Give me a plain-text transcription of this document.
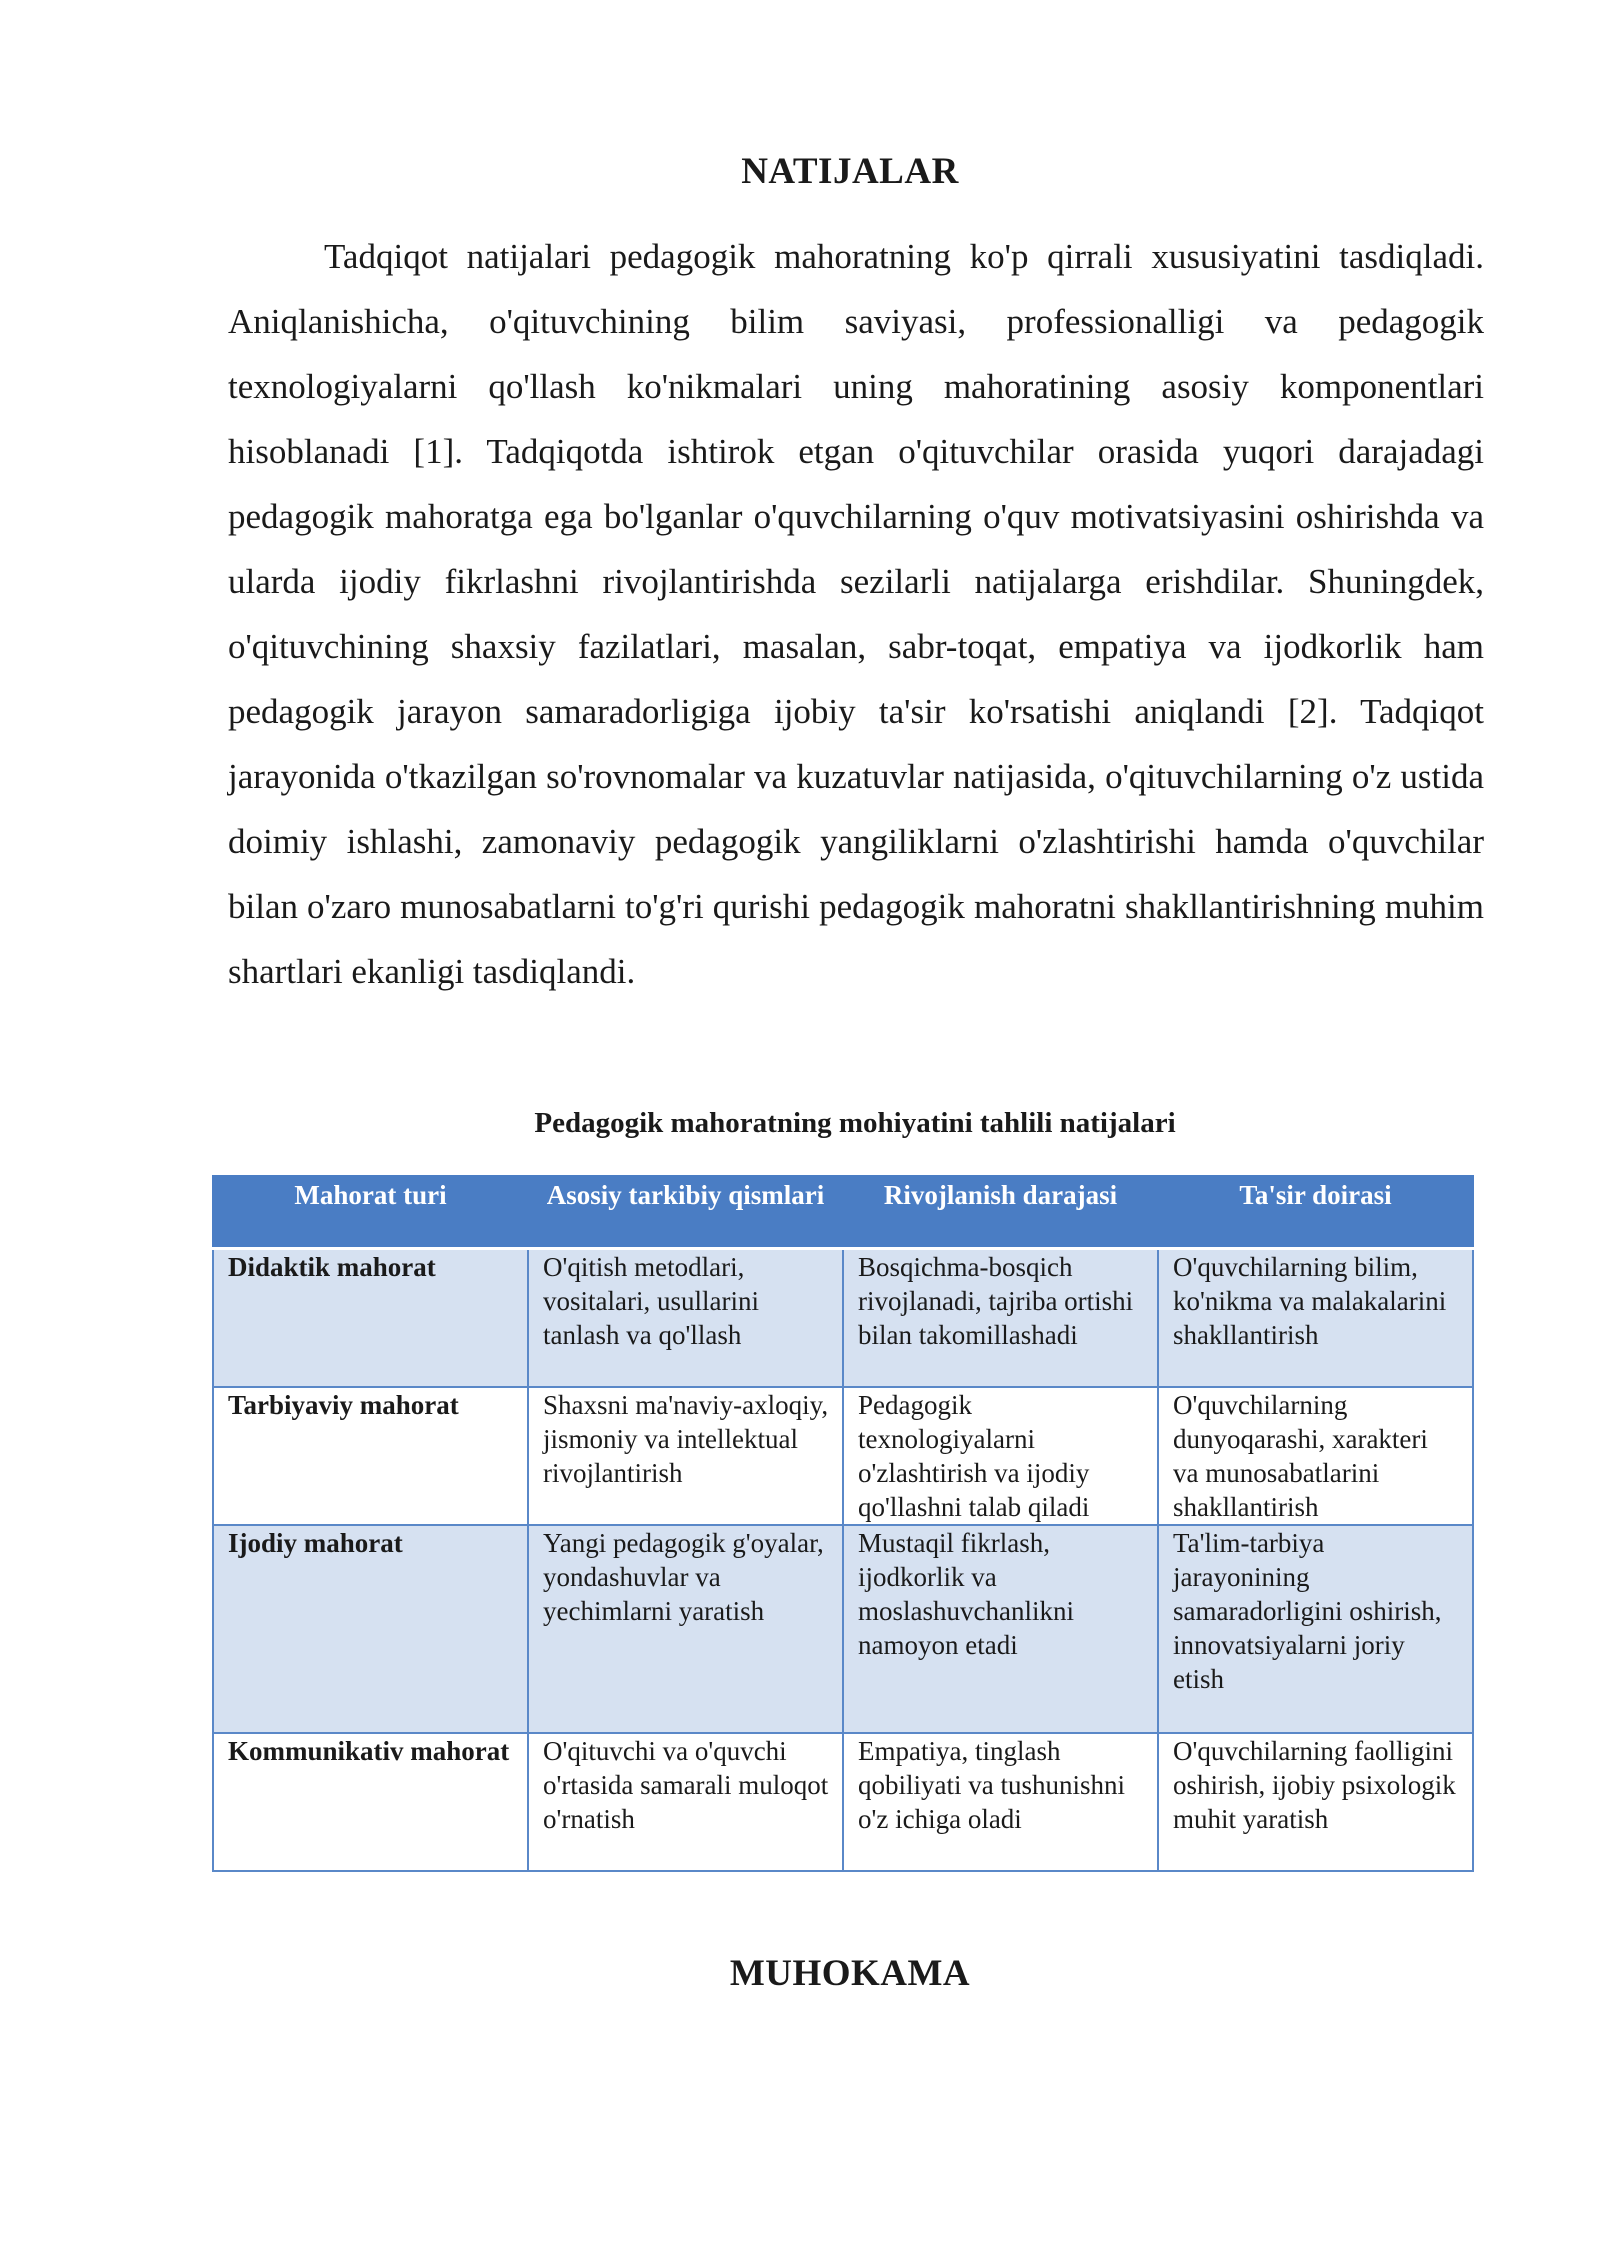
NATIJALAR

Tadqiqot natijalari pedagogik mahoratning ko'p qirrali xususiyatini tasdiqladi. Aniqlanishicha, o'qituvchining bilim saviyasi, professionalligi va pedagogik texnologiyalarni qo'llash ko'nikmalari uning mahoratining asosiy komponentlari hisoblanadi [1]. Tadqiqotda ishtirok etgan o'qituvchilar orasida yuqori darajadagi pedagogik mahoratga ega bo'lganlar o'quvchilarning o'quv motivatsiyasini oshirishda va ularda ijodiy fikrlashni rivojlantirishda sezilarli natijalarga erishdilar. Shuningdek, o'qituvchining shaxsiy fazilatlari, masalan, sabr-toqat, empatiya va ijodkorlik ham pedagogik jarayon samaradorligiga ijobiy ta'sir ko'rsatishi aniqlandi [2]. Tadqiqot jarayonida o'tkazilgan so'rovnomalar va kuzatuvlar natijasida, o'qituvchilarning o'z ustida doimiy ishlashi, zamonaviy pedagogik yangiliklarni o'zlashtirishi hamda o'quvchilar bilan o'zaro munosabatlarni to'g'ri qurishi pedagogik mahoratni shakllantirishning muhim shartlari ekanligi tasdiqlandi.

Pedagogik mahoratning mohiyatini tahlili natijalari
Mahorat turi	Asosiy tarkibiy qismlari	Rivojlanish darajasi	Ta'sir doirasi
Didaktik mahorat	O'qitish metodlari, vositalari, usullarini tanlash va qo'llash	Bosqichma-bosqich rivojlanadi, tajriba ortishi bilan takomillashadi	O'quvchilarning bilim, ko'nikma va malakalarini shakllantirish
Tarbiyaviy mahorat	Shaxsni ma'naviy-axloqiy, jismoniy va intellektual rivojlantirish	Pedagogik texnologiyalarni o'zlashtirish va ijodiy qo'llashni talab qiladi	O'quvchilarning dunyoqarashi, xarakteri va munosabatlarini shakllantirish
Ijodiy mahorat	Yangi pedagogik g'oyalar, yondashuvlar va yechimlarni yaratish	Mustaqil fikrlash, ijodkorlik va moslashuvchanlikni namoyon etadi	Ta'lim-tarbiya jarayonining samaradorligini oshirish, innovatsiyalarni joriy etish
Kommunikativ mahorat	O'qituvchi va o'quvchi o'rtasida samarali muloqot o'rnatish	Empatiya, tinglash qobiliyati va tushunishni o'z ichiga oladi	O'quvchilarning faolligini oshirish, ijobiy psixologik muhit yaratish
MUHOKAMA
